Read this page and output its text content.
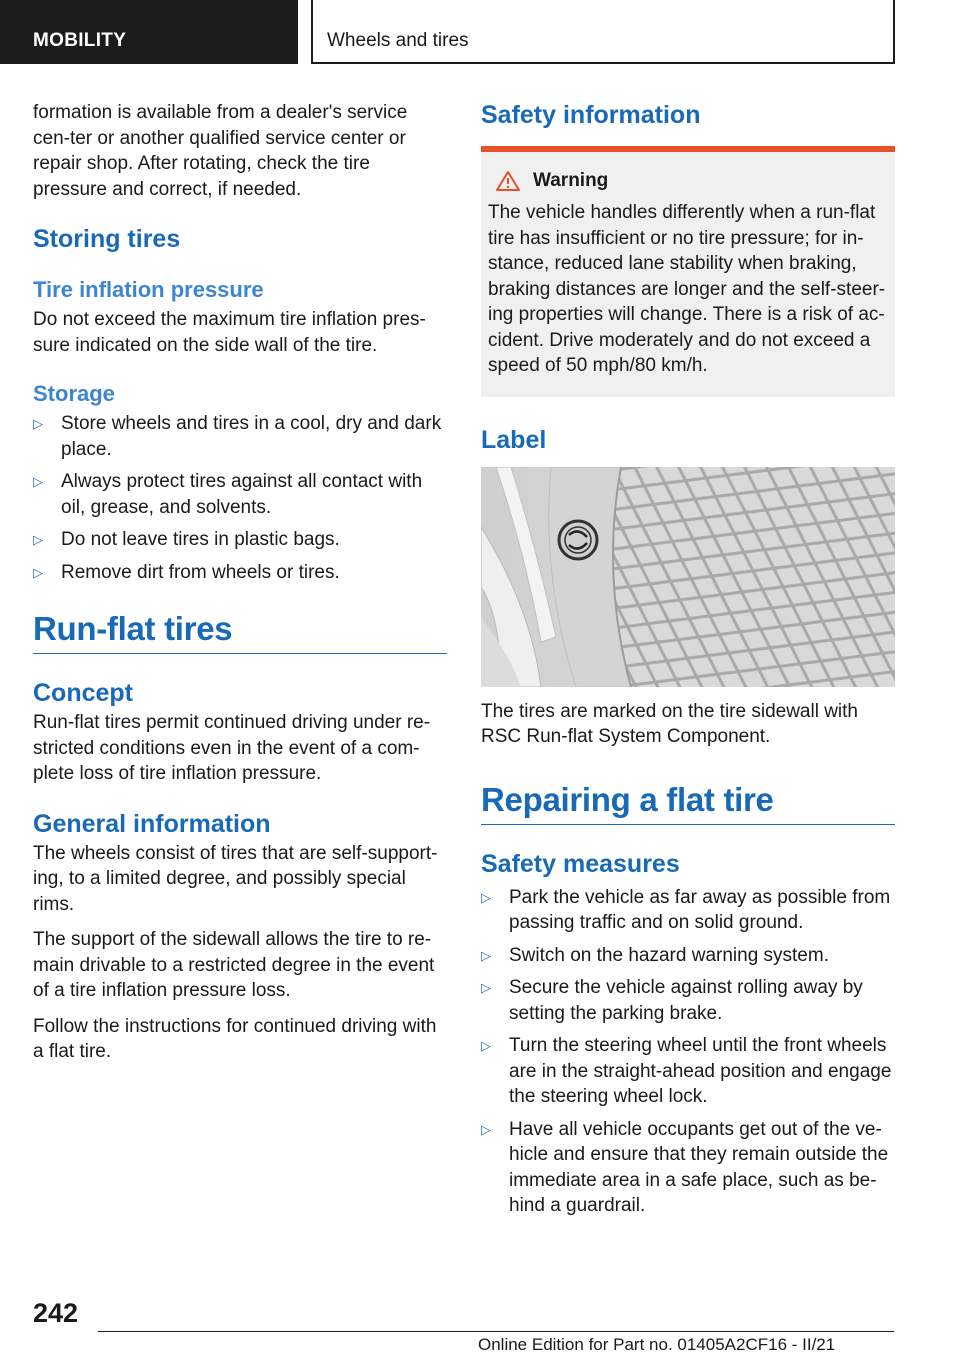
MOBILITY	Wheels and tires

formation is available from a dealer's service cen-ter or another qualified service center or repair shop. After rotating, check the tire pressure and correct, if needed.

Storing tires
Tire inflation pressure

Do not exceed the maximum tire inflation pres-sure indicated on the side wall of the tire.

Storage
▷ Store wheels and tires in a cool, dry and dark place.
▷ Always protect tires against all contact with oil, grease, and solvents.
▷ Do not leave tires in plastic bags.
▷ Remove dirt from wheels or tires.
Run-flat tires
Concept

Run-flat tires permit continued driving under re-stricted conditions even in the event of a com-plete loss of tire inflation pressure.

General information

The wheels consist of tires that are self-support-ing, to a limited degree, and possibly special rims.

The support of the sidewall allows the tire to re-main drivable to a restricted degree in the event of a tire inflation pressure loss.

Follow the instructions for continued driving with a flat tire.

Safety information
Warning

The vehicle handles differently when a run-flat tire has insufficient or no tire pressure; for in-stance, reduced lane stability when braking, braking distances are longer and the self-steer-ing properties will change. There is a risk of ac-cident. Drive moderately and do not exceed a speed of 50 mph/80 km/h.

Label

The tires are marked on the tire sidewall with RSC Run-flat System Component.

Repairing a flat tire
Safety measures
▷ Park the vehicle as far away as possible from passing traffic and on solid ground.
▷ Switch on the hazard warning system.
▷ Secure the vehicle against rolling away by setting the parking brake.
▷ Turn the steering wheel until the front wheels are in the straight-ahead position and engage the steering wheel lock.
▷ Have all vehicle occupants get out of the ve-hicle and ensure that they remain outside the immediate area in a safe place, such as be-hind a guardrail.
242
Online Edition for Part no. 01405A2CF16 - II/21
